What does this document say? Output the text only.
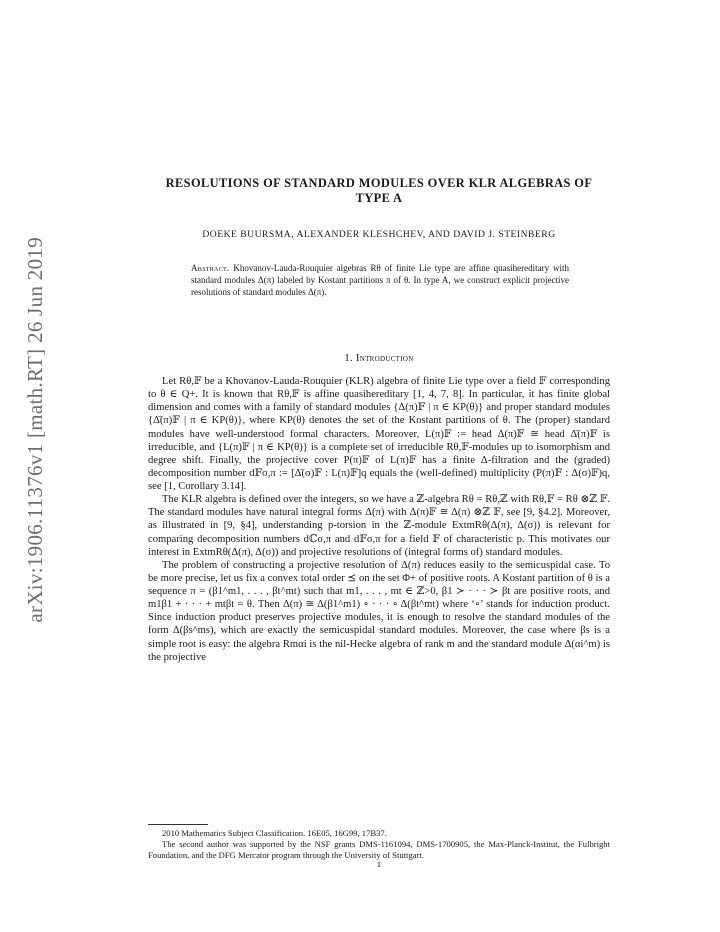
arXiv:1906.11376v1 [math.RT] 26 Jun 2019
RESOLUTIONS OF STANDARD MODULES OVER KLR ALGEBRAS OF TYPE A
DOEKE BUURSMA, ALEXANDER KLESHCHEV, AND DAVID J. STEINBERG
Abstract. Khovanov-Lauda-Rouquier algebras Rθ of finite Lie type are affine quasihereditary with standard modules Δ(π) labeled by Kostant partitions π of θ. In type A, we construct explicit projective resolutions of standard modules Δ(π).
1. Introduction

Let Rθ,𝔽 be a Khovanov-Lauda-Rouquier (KLR) algebra of finite Lie type over a field 𝔽 corresponding to θ ∈ Q+. It is known that Rθ,𝔽 is affine quasihereditary [1, 4, 7, 8]. In particular, it has finite global dimension and comes with a family of standard modules {Δ(π)𝔽 | π ∈ KP(θ)} and proper standard modules {Δ̄(π)𝔽 | π ∈ KP(θ)}, where KP(θ) denotes the set of the Kostant partitions of θ. The (proper) standard modules have well-understood formal characters. Moreover, L(π)𝔽 := head Δ(π)𝔽 ≅ head Δ̄(π)𝔽 is irreducible, and {L(π)𝔽 | π ∈ KP(θ)} is a complete set of irreducible Rθ,𝔽-modules up to isomorphism and degree shift. Finally, the projective cover P(π)𝔽 of L(π)𝔽 has a finite Δ-filtration and the (graded) decomposition number d𝔽σ,π := [Δ̄(σ)𝔽 : L(π)𝔽]q equals the (well-defined) multiplicity (P(π)𝔽 : Δ(σ)𝔽)q, see [1, Corollary 3.14].

The KLR algebra is defined over the integers, so we have a ℤ-algebra Rθ = Rθ,ℤ with Rθ,𝔽 = Rθ ⊗ℤ 𝔽. The standard modules have natural integral forms Δ(π) with Δ(π)𝔽 ≅ Δ(π) ⊗ℤ 𝔽, see [9, §4.2]. Moreover, as illustrated in [9, §4], understanding p-torsion in the ℤ-module ExtmRθ(Δ(π), Δ(σ)) is relevant for comparing decomposition numbers dℂσ,π and d𝔽σ,π for a field 𝔽 of characteristic p. This motivates our interest in ExtmRθ(Δ(π), Δ(σ)) and projective resolutions of (integral forms of) standard modules.

The problem of constructing a projective resolution of Δ(π) reduces easily to the semicuspidal case. To be more precise, let us fix a convex total order ⪯ on the set Φ+ of positive roots. A Kostant partition of θ is a sequence π = (β1^m1, . . . , βt^mt) such that m1, . . . , mt ∈ ℤ>0, β1 ≻ · · · ≻ βt are positive roots, and m1β1 + · · · + mtβt = θ. Then Δ(π) ≅ Δ(β1^m1) ∘ · · · ∘ Δ(βt^mt) where ‘∘’ stands for induction product. Since induction product preserves projective modules, it is enough to resolve the standard modules of the form Δ(βs^ms), which are exactly the semicuspidal standard modules. Moreover, the case where βs is a simple root is easy: the algebra Rmαi is the nil-Hecke algebra of rank m and the standard module Δ(αi^m) is the projective

2010 Mathematics Subject Classification. 16E05, 16G99, 17B37.

The second author was supported by the NSF grants DMS-1161094, DMS-1700905, the Max-Planck-Institut, the Fulbright Foundation, and the DFG Mercator program through the University of Stuttgart.

1
